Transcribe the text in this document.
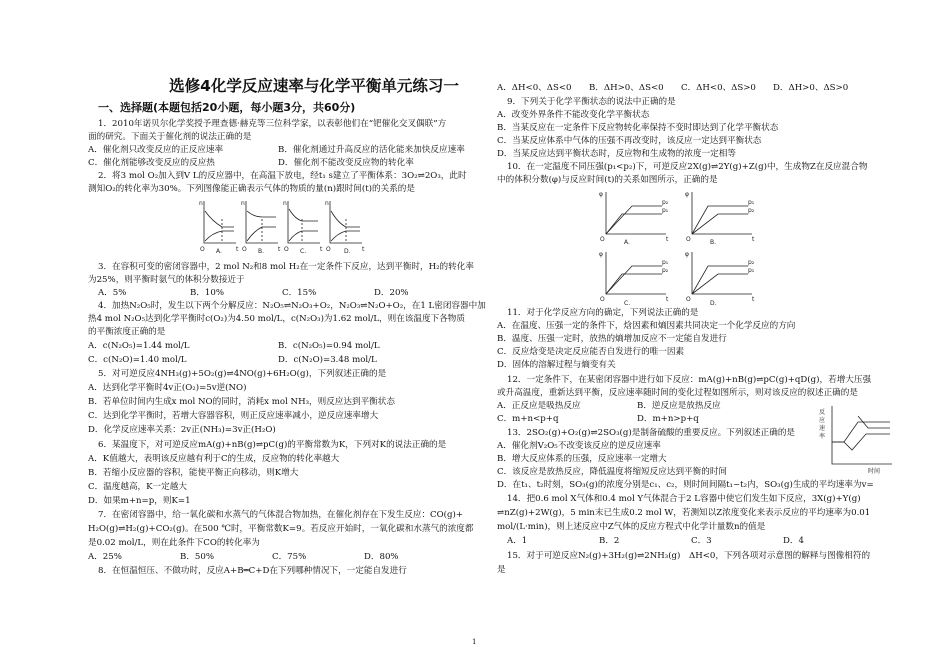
选修4化学反应速率与化学平衡单元练习一
一、选择题(本题包括20小题，每小题3分，共60分)
1．2010年诺贝尔化学奖授予理查德·赫克等三位科学家，以表彰他们在“钯催化交叉偶联”方
面的研究。下面关于催化剂的说法正确的是
A．催化剂只改变反应的正反应速率	B．催化剂通过升高反应的活化能来加快反应速率
C．催化剂能够改变反应的反应热	D．催化剂不能改变反应物的转化率
2．将3 mol O₂加入到V L的反应器中，在高温下放电，经t₁ s建立了平衡体系：3O₂⇌2O₃，此时
测知O₂的转化率为30%。下列图像能正确表示气体的物质的量(n)跟时间(t)的关系的是
3．在容积可变的密闭容器中，2 mol N₂和8 mol H₂在一定条件下反应，达到平衡时，H₂的转化率
为25%，则平衡时氨气的体积分数接近于
A．5%	B．10%	C．15%	D．20%
4．加热N₂O₅时，发生以下两个分解反应：N₂O₅⇌N₂O₃+O₂，N₂O₃⇌N₂O+O₂，在1 L密闭容器中加
热4 mol N₂O₅达到化学平衡时c(O₂)为4.50 mol/L，c(N₂O₃)为1.62 mol/L，则在该温度下各物质
的平衡浓度正确的是
A．c(N₂O₅)=1.44 mol/L	B．c(N₂O₅)=0.94 mol/L
C．c(N₂O)=1.40 mol/L	D．c(N₂O)=3.48 mol/L
5．对可逆反应4NH₃(g)+5O₂(g)⇌4NO(g)+6H₂O(g)，下列叙述正确的是
A．达到化学平衡时4v正(O₂)=5v逆(NO)
B．若单位时间内生成x mol NO的同时，消耗x mol NH₃，则反应达到平衡状态
C．达到化学平衡时，若增大容器容积，则正反应速率减小，逆反应速率增大
D．化学反应速率关系：2v正(NH₃)=3v正(H₂O)
6．某温度下，对可逆反应mA(g)+nB(g)⇌pC(g)的平衡常数为K，下列对K的说法正确的是
A．K值越大，表明该反应越有利于C的生成，反应物的转化率越大
B．若缩小反应器的容积，能使平衡正向移动，则K增大
C．温度越高，K一定越大
D．如果m+n=p，则K=1
7．在密闭容器中，给一氧化碳和水蒸气的气体混合物加热，在催化剂存在下发生反应：CO(g)+
H₂O(g)⇌H₂(g)+CO₂(g)。在500 ℃时，平衡常数K=9。若反应开始时，一氧化碳和水蒸气的浓度都
是0.02 mol/L，则在此条件下CO的转化率为
A．25%	B．50%	C．75%	D．80%
8．在恒温恒压、不做功时，反应A+B═C+D在下列哪种情况下，一定能自发进行
n
O	t
A.
n
O	t
B.
n
O	t
C.
n
O	t
D.
A．ΔH<0、ΔS<0 B．ΔH>0、ΔS<0 C．ΔH<0、ΔS>0 D．ΔH>0、ΔS>0
9．下列关于化学平衡状态的说法中正确的是
A．改变外界条件不能改变化学平衡状态
B．当某反应在一定条件下反应物转化率保持不变时即达到了化学平衡状态
C．当某反应体系中气体的压强不再改变时，该反应一定达到平衡状态
D．当某反应达到平衡状态时，反应物和生成物的浓度一定相等
10．在一定温度不同压强(p₁<p₂)下，可逆反应2X(g)⇌2Y(g)+Z(g)中，生成物Z在反应混合物
中的体积分数(φ)与反应时间(t)的关系如图所示，正确的是
11．对于化学反应方向的确定，下列说法正确的是
A．在温度、压强一定的条件下，焓因素和熵因素共同决定一个化学反应的方向
B．温度、压强一定时，放热的熵增加反应不一定能自发进行
C．反应焓变是决定反应能否自发进行的唯一因素
D．固体的溶解过程与熵变有关
12．一定条件下，在某密闭容器中进行如下反应：mA(g)+nB(g)⇌pC(g)+qD(g)，若增大压强
或升高温度，重新达到平衡，反应速率随时间的变化过程如图所示，则对该反应的叙述正确的是
A．正反应是吸热反应	B．逆反应是放热反应
C．m+n<p+q	D．m+n>p+q
13．2SO₂(g)+O₂(g)⇌2SO₃(g)是制备硫酸的重要反应。下列叙述正确的是
A．催化剂V₂O₅不改变该反应的逆反应速率
B．增大反应体系的压强，反应速率一定增大
C．该反应是放热反应，降低温度将缩短反应达到平衡的时间
D．在t₁、t₂时刻，SO₃(g)的浓度分别是c₁、c₂，则时间间隔t₁~t₂内，SO₃(g)生成的平均速率为v=
14．把0.6 mol X气体和0.4 mol Y气体混合于2 L容器中使它们发生如下反应，3X(g)+Y(g)
⇌nZ(g)+2W(g)，5 min末已生成0.2 mol W，若测知以Z浓度变化来表示反应的平均速率为0.01
mol/(L·min)，则上述反应中Z气体的反应方程式中化学计量数n的值是
A．1	B．2	C．3	D．4
15．对于可逆反应N₂(g)+3H₂(g)⇌2NH₃(g)　ΔH<0，下列各项对示意图的解释与图像相符的
是
φ
O	t
p₁
p₂
A.
φ
O	t
p₁
p₂
B.
φ
O	t
p₁
p₂
C.
φ
O	t
p₂
p₁
D.
反
应
速
率
时间
1
